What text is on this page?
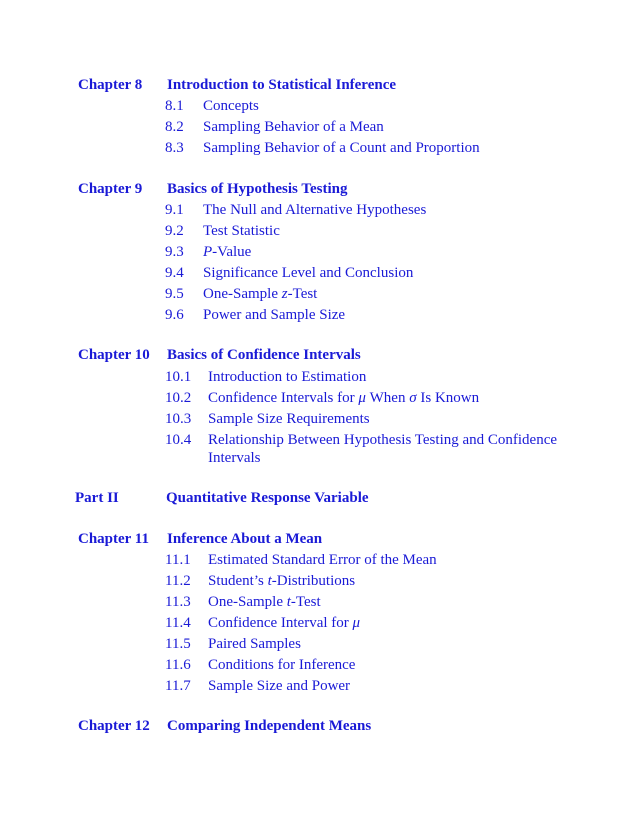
Chapter 8 Introduction to Statistical Inference
8.1 Concepts
8.2 Sampling Behavior of a Mean
8.3 Sampling Behavior of a Count and Proportion
Chapter 9 Basics of Hypothesis Testing
9.1 The Null and Alternative Hypotheses
9.2 Test Statistic
9.3 P-Value
9.4 Significance Level and Conclusion
9.5 One-Sample z-Test
9.6 Power and Sample Size
Chapter 10 Basics of Confidence Intervals
10.1 Introduction to Estimation
10.2 Confidence Intervals for μ When σ Is Known
10.3 Sample Size Requirements
10.4 Relationship Between Hypothesis Testing and Confidence Intervals
Part II	Quantitative Response Variable
Chapter 11 Inference About a Mean
11.1 Estimated Standard Error of the Mean
11.2 Student’s t-Distributions
11.3 One-Sample t-Test
11.4 Confidence Interval for μ
11.5 Paired Samples
11.6 Conditions for Inference
11.7 Sample Size and Power
Chapter 12 Comparing Independent Means
